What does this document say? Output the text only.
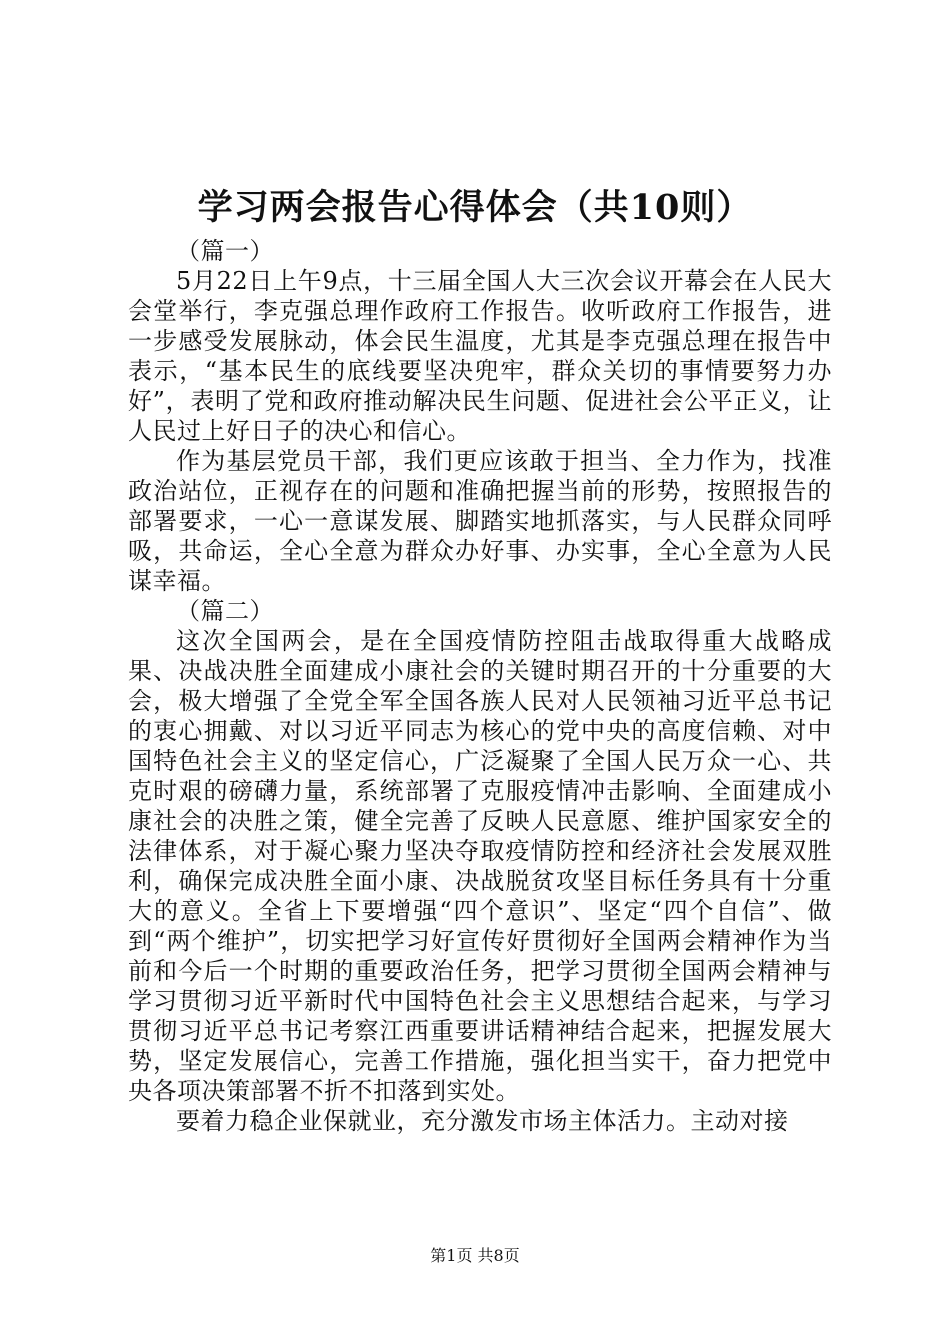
学习两会报告心得体会（共10则）

（篇一）

5月22日上午9点，十三届全国人大三次会议开幕会在人民大会堂举行，李克强总理作政府工作报告。收听政府工作报告，进一步感受发展脉动，体会民生温度，尤其是李克强总理在报告中表示，“基本民生的底线要坚决兜牢，群众关切的事情要努力办好”，表明了党和政府推动解决民生问题、促进社会公平正义，让人民过上好日子的决心和信心。

作为基层党员干部，我们更应该敢于担当、全力作为，找准政治站位，正视存在的问题和准确把握当前的形势，按照报告的部署要求，一心一意谋发展、脚踏实地抓落实，与人民群众同呼吸，共命运，全心全意为群众办好事、办实事，全心全意为人民谋幸福。

（篇二）

这次全国两会，是在全国疫情防控阻击战取得重大战略成果、决战决胜全面建成小康社会的关键时期召开的十分重要的大会，极大增强了全党全军全国各族人民对人民领袖习近平总书记的衷心拥戴、对以习近平同志为核心的党中央的高度信赖、对中国特色社会主义的坚定信心，广泛凝聚了全国人民万众一心、共克时艰的磅礴力量，系统部署了克服疫情冲击影响、全面建成小康社会的决胜之策，健全完善了反映人民意愿、维护国家安全的法律体系，对于凝心聚力坚决夺取疫情防控和经济社会发展双胜利，确保完成决胜全面小康、决战脱贫攻坚目标任务具有十分重大的意义。全省上下要增强“四个意识”、坚定“四个自信”、做到“两个维护”，切实把学习好宣传好贯彻好全国两会精神作为当前和今后一个时期的重要政治任务，把学习贯彻全国两会精神与学习贯彻习近平新时代中国特色社会主义思想结合起来，与学习贯彻习近平总书记考察江西重要讲话精神结合起来，把握发展大势，坚定发展信心，完善工作措施，强化担当实干，奋力把党中央各项决策部署不折不扣落到实处。

要着力稳企业保就业，充分激发市场主体活力。主动对接

第1页 共8页
